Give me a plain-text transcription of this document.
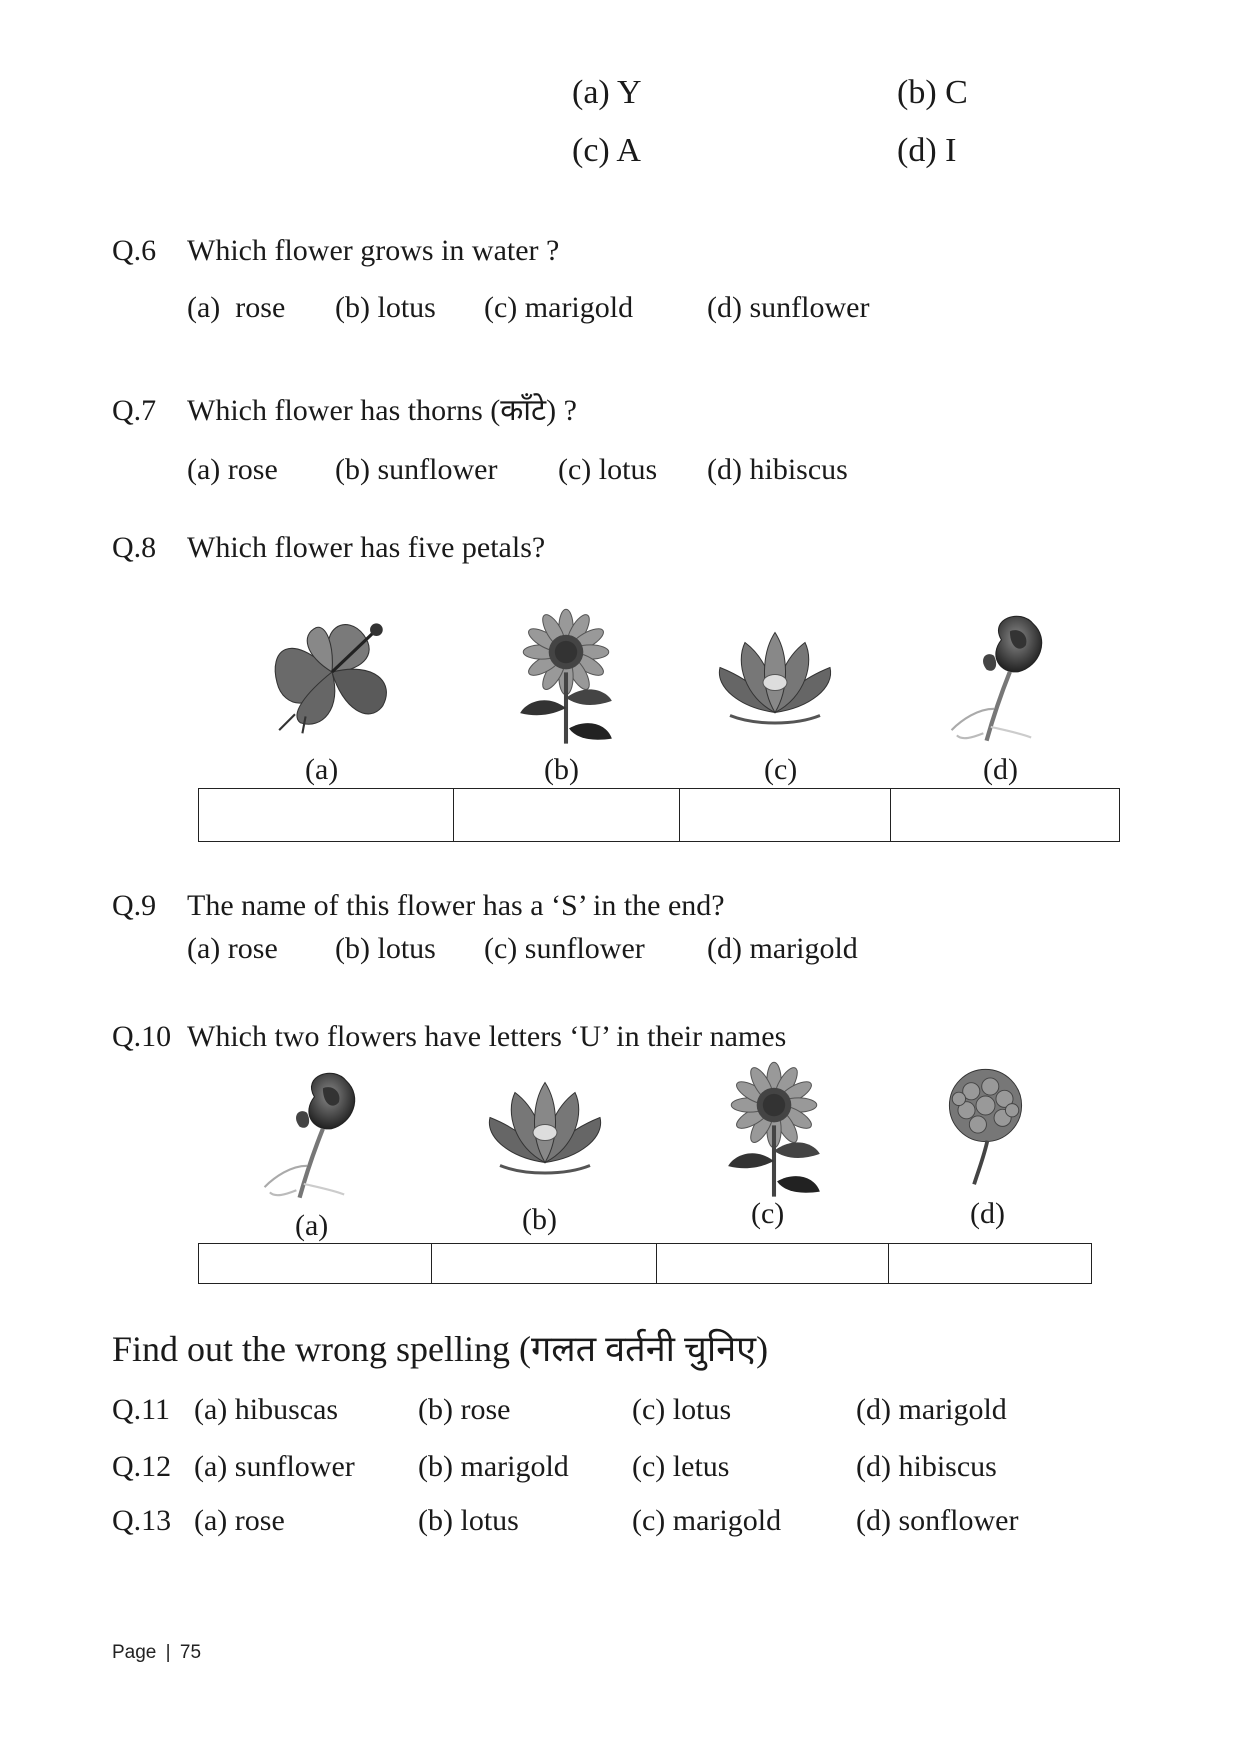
(a) Y	(b) C
(c) A	(d) I
Q.6 Which flower grows in water ?
(a)  rose (b) lotus (c) marigold (d) sunflower
Q.7 Which flower has thorns (काँटे) ?
(a) rose (b) sunflower (c) lotus (d) hibiscus
Q.8 Which flower has five petals?
(a)	(b)	(c)	(d)
Q.9 The name of this flower has a ‘S’ in the end?
(a) rose (b) lotus (c) sunflower (d) marigold
Q.10 Which two flowers have letters ‘U’ in their names
(a)	(b)	(c)	(d)
Find out the wrong spelling (गलत वर्तनी चुनिए)
Q.11 (a) hibuscas	(b) rose	(c) lotus	(d) marigold
Q.12 (a) sunflower (b) marigold (c) letus	(d) hibiscus
Q.13 (a) rose	(b) lotus	(c) marigold (d) sonflower
Page | 75
